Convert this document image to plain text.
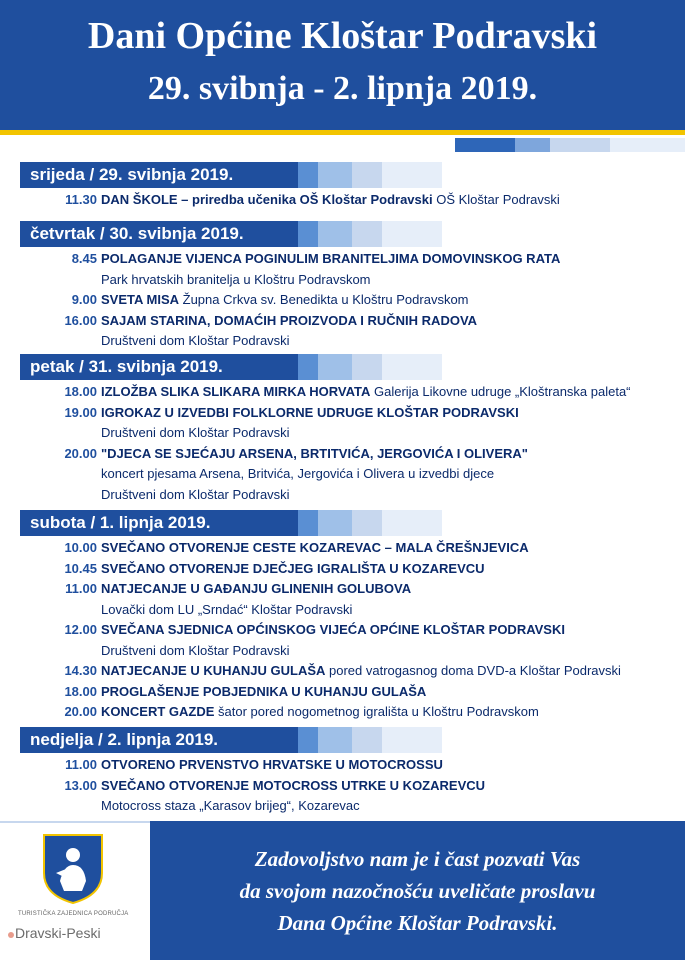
Dani Općine Kloštar Podravski
29. svibnja - 2. lipnja 2019.
srijeda / 29. svibnja 2019.
11.30 DAN ŠKOLE – priredba učenika OŠ Kloštar Podravski OŠ Kloštar Podravski
četvrtak / 30. svibnja 2019.
8.45 POLAGANJE VIJENCA POGINULIM BRANITELJIMA DOMOVINSKOG RATA
Park hrvatskih branitelja u Kloštru Podravskom
9.00 SVETA MISA Župna Crkva sv. Benedikta u Kloštru Podravskom
16.00 SAJAM STARINA, DOMAĆIH PROIZVODA I RUČNIH RADOVA
Društveni dom Kloštar Podravski
petak / 31. svibnja 2019.
18.00 IZLOŽBA SLIKA SLIKARA MIRKA HORVATA Galerija Likovne udruge „Kloštranska paleta“
19.00 IGROKAZ U IZVEDBI FOLKLORNE UDRUGE KLOŠTAR PODRAVSKI
Društveni dom Kloštar Podravski
20.00 "DJECA SE SJEĆAJU ARSENA, BRTITVIĆA, JERGOVIĆA I OLIVERA"
koncert pjesama Arsena, Britvića, Jergovića i Olivera u izvedbi djece
Društveni dom Kloštar Podravski
subota / 1. lipnja 2019.
10.00 SVEČANO OTVORENJE CESTE KOZAREVAC – MALA ČREŠNJEVICA
10.45 SVEČANO OTVORENJE DJEČJEG IGRALIŠTA U KOZAREVCU
11.00 NATJECANJE U GAĐANJU GLINENIH GOLUBOVA
Lovački dom LU „Srndać“ Kloštar Podravski
12.00 SVEČANA SJEDNICA OPĆINSKOG VIJEĆA OPĆINE KLOŠTAR PODRAVSKI
Društveni dom Kloštar Podravski
14.30 NATJECANJE U KUHANJU GULAŠA pored vatrogasnog doma DVD-a Kloštar Podravski
18.00 PROGLAŠENJE POBJEDNIKA U KUHANJU GULAŠA
20.00 KONCERT GAZDE šator pored nogometnog igrališta u Kloštru Podravskom
nedjelja / 2. lipnja 2019.
11.00 OTVORENO PRVENSTVO HRVATSKE U MOTOCROSSU
13.00 SVEČANO OTVORENJE MOTOCROSS UTRKE U KOZAREVCU
Motocross staza „Karasov brijeg“, Kozarevac
TURISTIČKA ZAJEDNICA PODRUČJA
Dravski-Peski
Zadovoljstvo nam je i čast pozvati Vas
da svojom nazočnošću uveličate proslavu
Dana Općine Kloštar Podravski.
